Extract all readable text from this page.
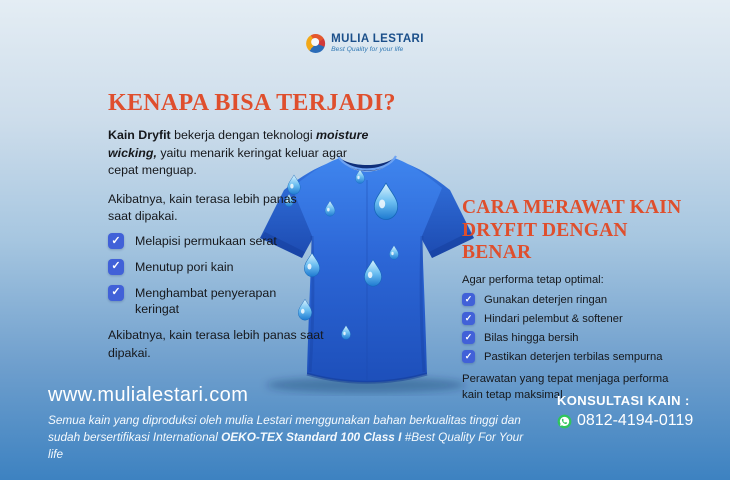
MULIA LESTARI
Best Quality for your life
KENAPA BISA TERJADI?

Kain Dryfit bekerja dengan teknologi moisture wicking, yaitu menarik keringat keluar agar cepat menguap.

Akibatnya, kain terasa lebih panas saat dipakai.

✓ Melapisi permukaan serat
✓ Menutup pori kain
✓ Menghambat penyerapan keringat

Akibatnya, kain terasa lebih panas saat dipakai.

CARA MERAWAT KAIN DRYFIT DENGAN BENAR

Agar performa tetap optimal:

✓ Gunakan deterjen ringan
✓ Hindari pelembut & softener
✓ Bilas hingga bersih
✓ Pastikan deterjen terbilas sempurna

Perawatan yang tepat menjaga performa kain tetap maksimal.

www.mulialestari.com

Semua kain yang diproduksi oleh mulia Lestari menggunakan bahan berkualitas tinggi dan sudah bersertifikasi International OEKO-TEX Standard 100 Class I #Best Quality For Your life

KONSULTASI KAIN :
0812-4194-0119
